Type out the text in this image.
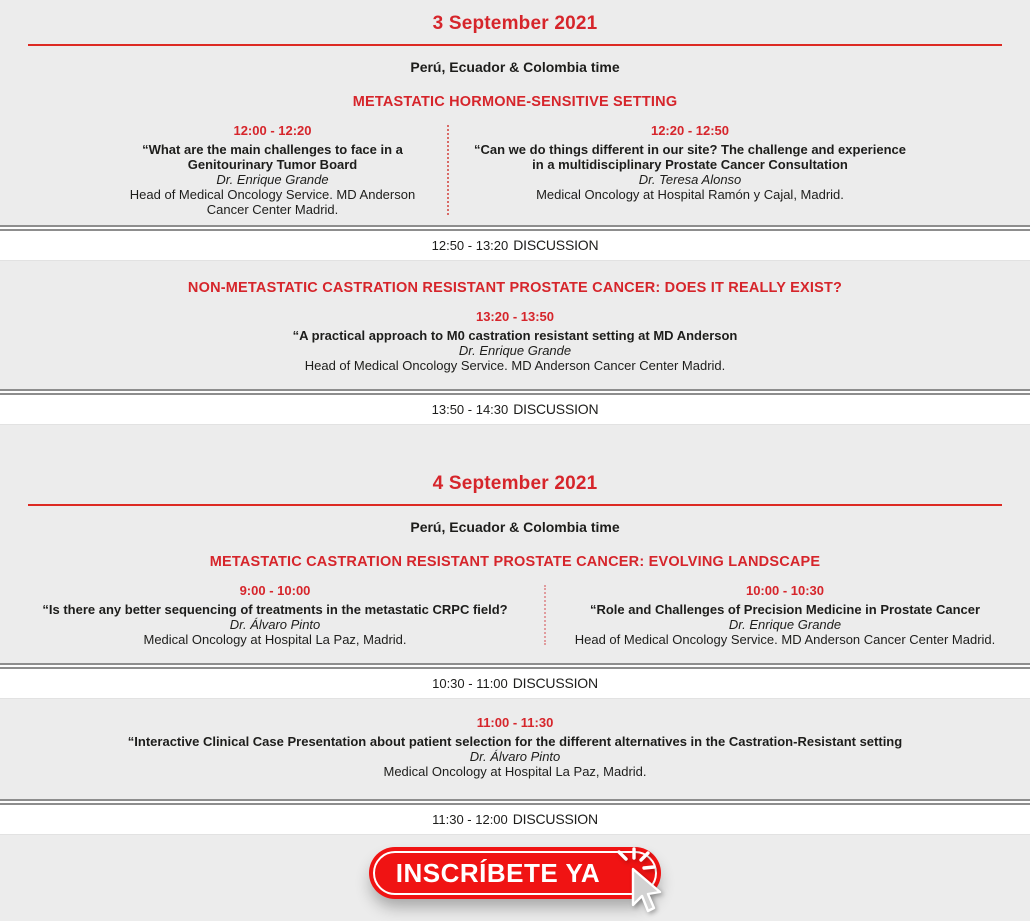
3 September 2021

Perú, Ecuador & Colombia time

METASTATIC HORMONE-SENSITIVE SETTING

12:00 - 12:20

“What are the main challenges to face in a Genitourinary Tumor Board

Dr. Enrique Grande

Head of Medical Oncology Service. MD Anderson Cancer Center Madrid.

12:20 - 12:50

“Can we do things different in our site? The challenge and experience in a multidisciplinary Prostate Cancer Consultation

Dr. Teresa Alonso

Medical Oncology at Hospital Ramón y Cajal, Madrid.

12:50 - 13:20 DISCUSSION

NON-METASTATIC CASTRATION RESISTANT PROSTATE CANCER: DOES IT REALLY EXIST?

13:20 - 13:50

“A practical approach to M0 castration resistant setting at MD Anderson

Dr. Enrique Grande

Head of Medical Oncology Service. MD Anderson Cancer Center Madrid.

13:50 - 14:30 DISCUSSION
4 September 2021

Perú, Ecuador & Colombia time

METASTATIC CASTRATION RESISTANT PROSTATE CANCER: EVOLVING LANDSCAPE

9:00 - 10:00

“Is there any better sequencing of treatments in the metastatic CRPC field?

Dr. Álvaro Pinto

Medical Oncology at Hospital La Paz, Madrid.

10:00 - 10:30

“Role and Challenges of Precision Medicine in Prostate Cancer

Dr. Enrique Grande

Head of Medical Oncology Service. MD Anderson Cancer Center Madrid.

10:30 - 11:00 DISCUSSION

11:00 - 11:30

“Interactive Clinical Case Presentation about patient selection for the different alternatives in the Castration-Resistant setting

Dr. Álvaro Pinto

Medical Oncology at Hospital La Paz, Madrid.

11:30 - 12:00 DISCUSSION
INSCRÍBETE YA
